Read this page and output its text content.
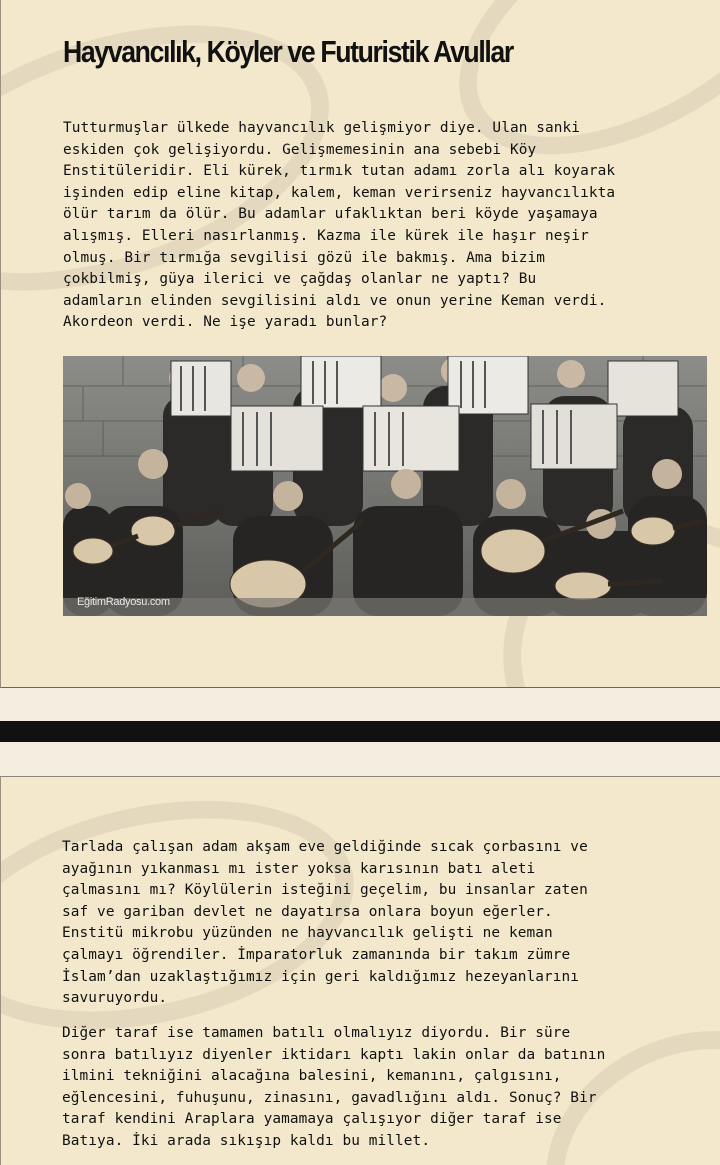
Hayvancılık, Köyler ve Futuristik Avullar

Tutturmuşlar ülkede hayvancılık gelişmiyor diye. Ulan sanki
eskiden çok gelişiyordu. Gelişmemesinin ana sebebi Köy
Enstitüleridir. Eli kürek, tırmık tutan adamı zorla alı koyarak
işinden edip eline kitap, kalem, keman verirseniz hayvancılıkta
ölür tarım da ölür. Bu adamlar ufaklıktan beri köyde yaşamaya
alışmış. Elleri nasırlanmış. Kazma ile kürek ile haşır neşir
olmuş. Bir tırmığa sevgilisi gözü ile bakmış. Ama bizim
çokbilmiş, güya ilerici ve çağdaş olanlar ne yaptı? Bu
adamların elinden sevgilisini aldı ve onun yerine Keman verdi.
Akordeon verdi. Ne işe yaradı bunlar?

EğitimRadyosu.com

Tarlada çalışan adam akşam eve geldiğinde sıcak çorbasını ve
ayağının yıkanması mı ister yoksa karısının batı aleti
çalmasını mı? Köylülerin isteğini geçelim, bu insanlar zaten
saf ve gariban devlet ne dayatırsa onlara boyun eğerler.
Enstitü mikrobu yüzünden ne hayvancılık gelişti ne keman
çalmayı öğrendiler. İmparatorluk zamanında bir takım zümre
İslam’dan uzaklaştığımız için geri kaldığımız hezeyanlarını
savuruyordu.

Diğer taraf ise tamamen batılı olmalıyız diyordu. Bir süre
sonra batılıyız diyenler iktidarı kaptı lakin onlar da batının
ilmini tekniğini alacağına balesini, kemanını, çalgısını,
eğlencesini, fuhuşunu, zinasını, gavadlığını aldı. Sonuç? Bir
taraf kendini Araplara yamamaya çalışıyor diğer taraf ise
Batıya. İki arada sıkışıp kaldı bu millet.
